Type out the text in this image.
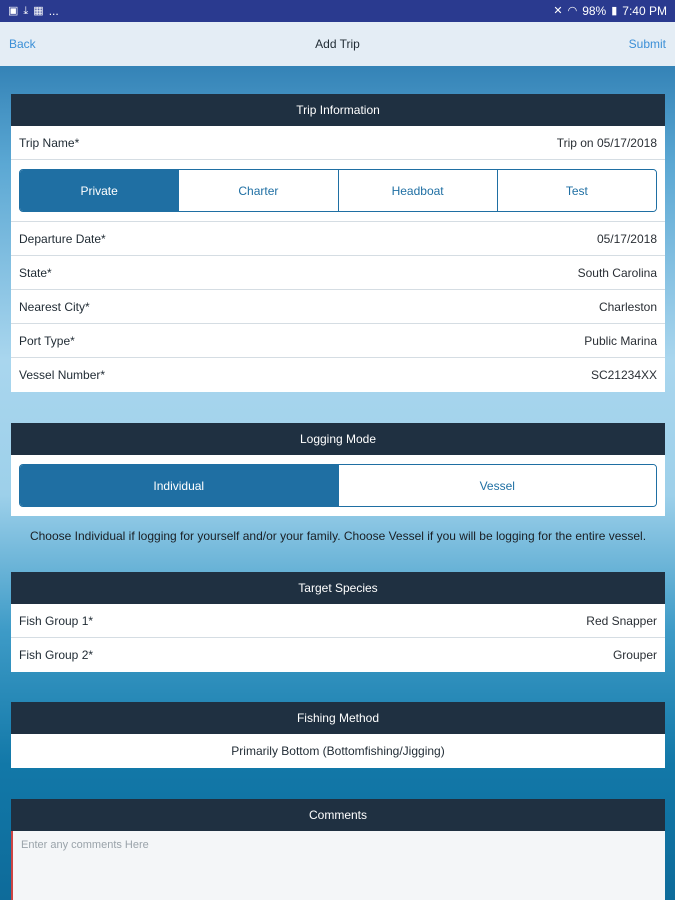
▣ ⤓ ▦ ...	✕ ◠ 98% ▮ 7:40 PM
Add Trip
Back	Submit
Trip Information
Trip Name*	Trip on 05/17/2018
Private	Charter	Headboat	Test
Departure Date*	05/17/2018
State*	South Carolina
Nearest City*	Charleston
Port Type*	Public Marina
Vessel Number*	SC21234XX
Logging Mode
Individual	Vessel
Choose Individual if logging for yourself and/or your family. Choose Vessel if you will be logging for the entire vessel.
Target Species
Fish Group 1*	Red Snapper
Fish Group 2*	Grouper
Fishing Method
Primarily Bottom (Bottomfishing/Jigging)
Comments
Enter any comments Here
